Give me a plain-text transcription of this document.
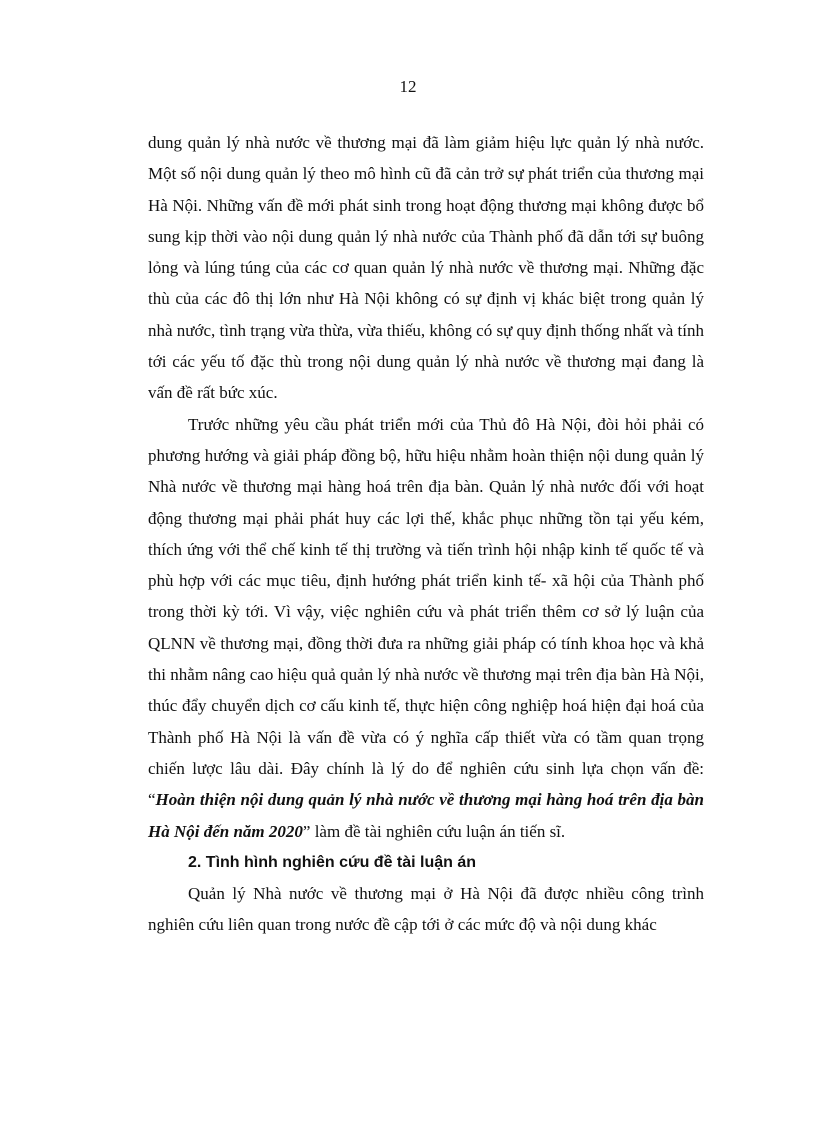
12

dung quản lý nhà nước về thương mại đã làm giảm hiệu lực quản lý nhà nước. Một số nội dung quản lý theo mô hình cũ đã cản trở sự phát triển của thương mại Hà Nội. Những vấn đề mới phát sinh trong hoạt động thương mại không được bổ sung kịp thời vào nội dung quản lý nhà nước của Thành phố đã dẫn tới sự buông lỏng và lúng túng của các cơ quan quản lý nhà nước về thương mại. Những đặc thù của các đô thị lớn như Hà Nội không có sự định vị khác biệt trong quản lý nhà nước, tình trạng vừa thừa, vừa thiếu, không có sự quy định thống nhất và tính tới các yếu tố đặc thù trong nội dung quản lý nhà nước về thương mại đang là vấn đề rất bức xúc.

Trước những yêu cầu phát triển mới của Thủ đô Hà Nội, đòi hỏi phải có phương hướng và giải pháp đồng bộ, hữu hiệu nhằm hoàn thiện nội dung quản lý Nhà nước về thương mại hàng hoá trên địa bàn. Quản lý nhà nước đối với hoạt động thương mại phải phát huy các lợi thế, khắc phục những tồn tại yếu kém, thích ứng với thể chế kinh tế thị trường và tiến trình hội nhập kinh tế quốc tế và phù hợp với các mục tiêu, định hướng phát triển kinh tế- xã hội của Thành phố trong thời kỳ tới. Vì vậy, việc nghiên cứu và phát triển thêm cơ sở lý luận của QLNN về thương mại, đồng thời đưa ra những giải pháp có tính khoa học và khả thi nhằm nâng cao hiệu quả quản lý nhà nước về thương mại trên địa bàn Hà Nội, thúc đẩy chuyển dịch cơ cấu kinh tế, thực hiện công nghiệp hoá hiện đại hoá của Thành phố Hà Nội là vấn đề vừa có ý nghĩa cấp thiết vừa có tầm quan trọng chiến lược lâu dài. Đây chính là lý do để nghiên cứu sinh lựa chọn vấn đề: “Hoàn thiện nội dung quản lý nhà nước về thương mại hàng hoá trên địa bàn Hà Nội đến năm 2020” làm đề tài nghiên cứu luận án tiến sĩ.

2. Tình hình nghiên cứu đề tài luận án

Quản lý Nhà nước về thương mại ở Hà Nội đã được nhiều công trình nghiên cứu liên quan trong nước đề cập tới ở các mức độ và nội dung khác
